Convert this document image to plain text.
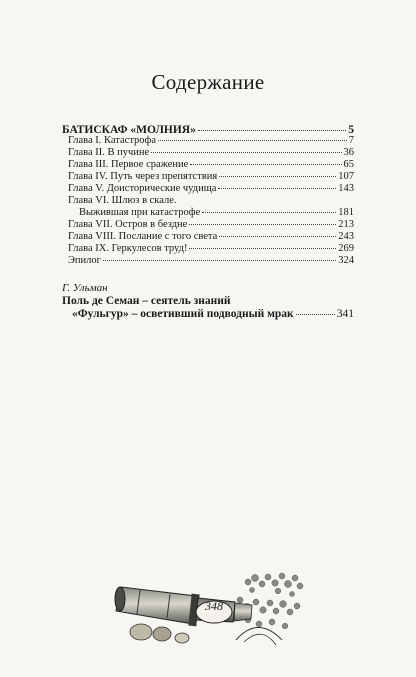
Содержание
БАТИСКАФ «МОЛНИЯ»	5
Глава I. Катастрофа	7
Глава II. В пучине	36
Глава III. Первое сражение	65
Глава IV. Путь через препятствия	107
Глава V. Доисторические чудища	143
Глава VI. Шлюз в скале.
Выжившая при катастрофе	181
Глава VII. Остров в бездне	213
Глава VIII. Послание с того света	243
Глава IX. Геркулесов труд!	269
Эпилог	324
Г. Ульман
Поль де Семан – сеятель знаний
«Фульгур» – осветивший подводный мрак	341
348
